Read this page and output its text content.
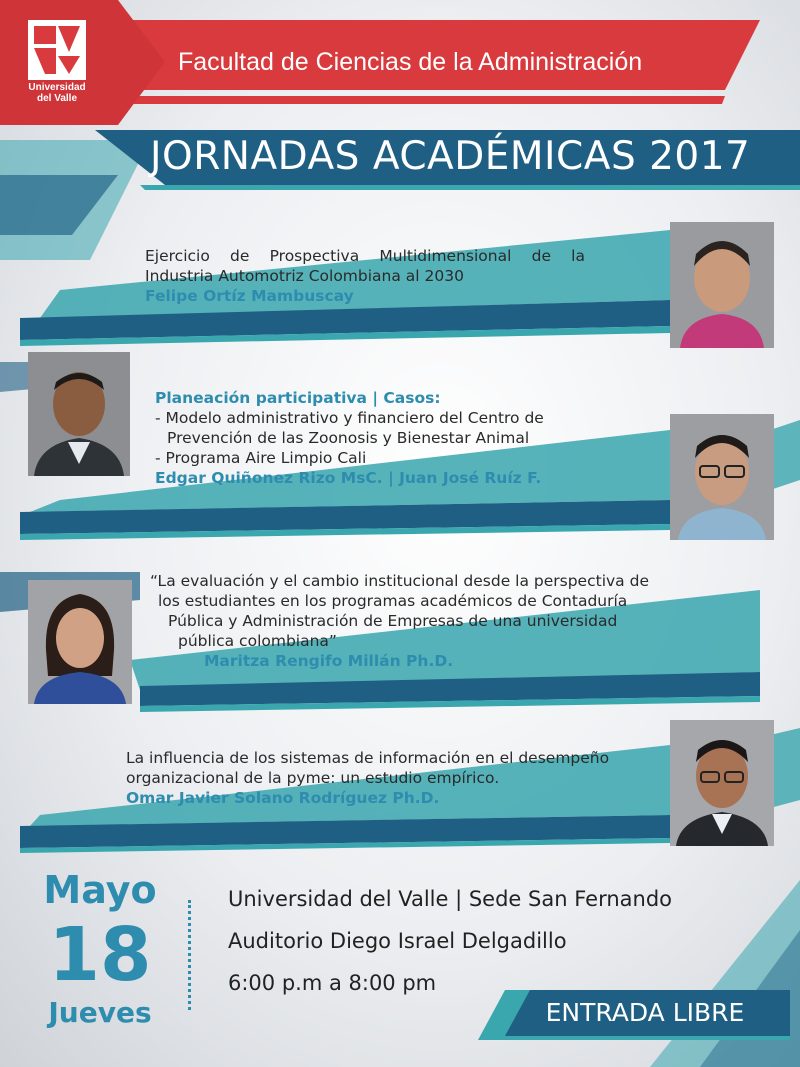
Universidad del Valle
Facultad de Ciencias de la Administración
JORNADAS ACADÉMICAS 2017
Ejercicio de Prospectiva Multidimensional de la
Industria Automotriz Colombiana al 2030
Felipe Ortíz Mambuscay
Planeación participativa | Casos:
- Modelo administrativo y financiero del Centro de
Prevención de las Zoonosis y Bienestar Animal
- Programa Aire Limpio Cali
Edgar Quiñonez Rizo MsC. | Juan José Ruíz F.
“La evaluación y el cambio institucional desde la perspectiva de
los estudiantes en los programas académicos de Contaduría
Pública y Administración de Empresas de una universidad
pública colombiana”
Maritza Rengifo Millán Ph.D.
La influencia de los sistemas de información en el desempeño
organizacional de la pyme: un estudio empírico.
Omar Javier Solano Rodríguez Ph.D.
Mayo
18
Jueves
Universidad del Valle | Sede San Fernando
Auditorio Diego Israel Delgadillo
6:00 p.m a 8:00 pm
ENTRADA LIBRE
